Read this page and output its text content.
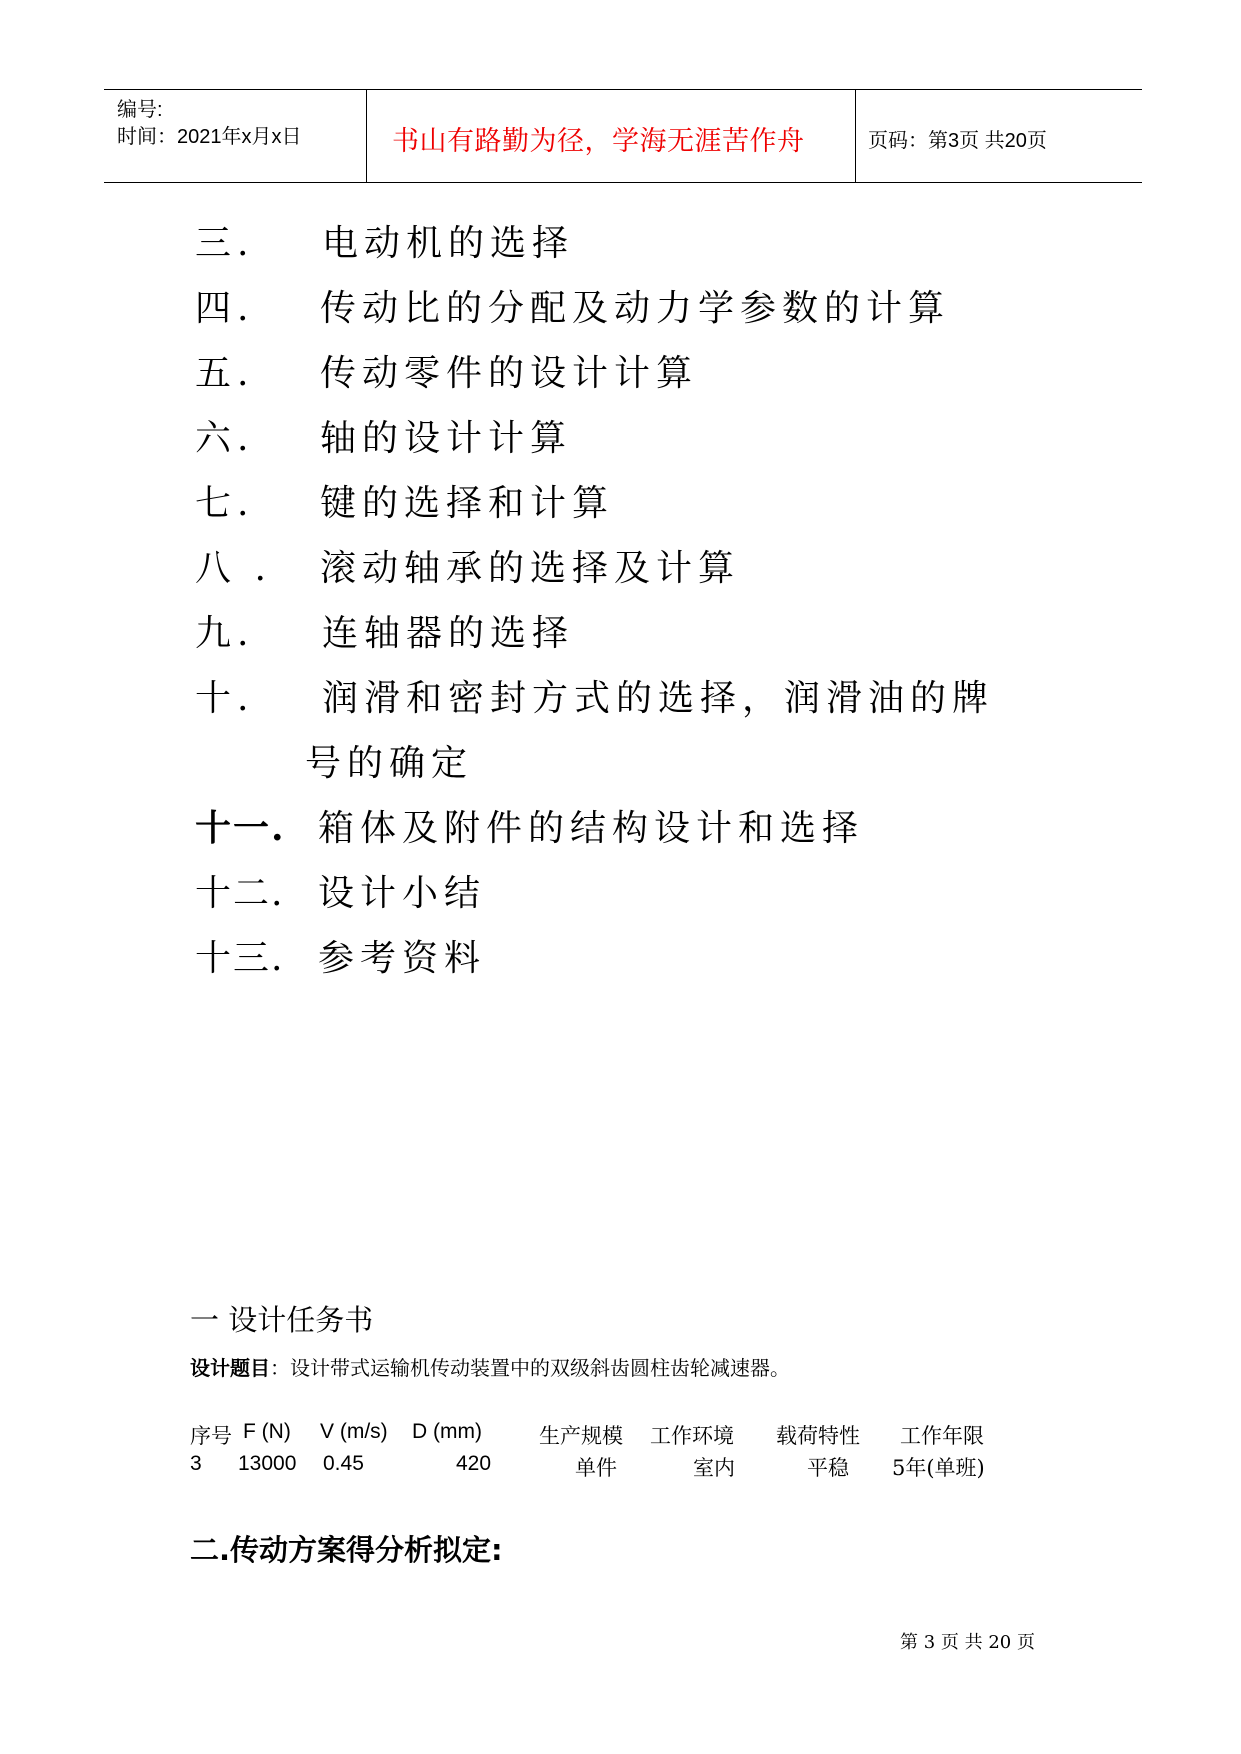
编号:
时间：2021年x月x日	书山有路勤为径，学海无涯苦作舟	页码：第3页 共20页
三. 电动机的选择
四. 传动比的分配及动力学参数的计算
五. 传动零件的设计计算
六. 轴的设计计算
七. 键的选择和计算
八 . 滚动轴承的选择及计算
九. 连轴器的选择
十. 润滑和密封方式的选择，润滑油的牌
号的确定
十一. 箱体及附件的结构设计和选择
十二. 设计小结
十三. 参考资料
一 设计任务书
设计题目：设计带式运输机传动装置中的双级斜齿圆柱齿轮减速器。
序号 F (N) V (m/s) D (mm)	生产规模 工作环境 载荷特性 工作年限
3 13000 0.45	420	单件	室内	平稳 5年(单班)
二.传动方案得分析拟定:
第 3 页 共 20 页
